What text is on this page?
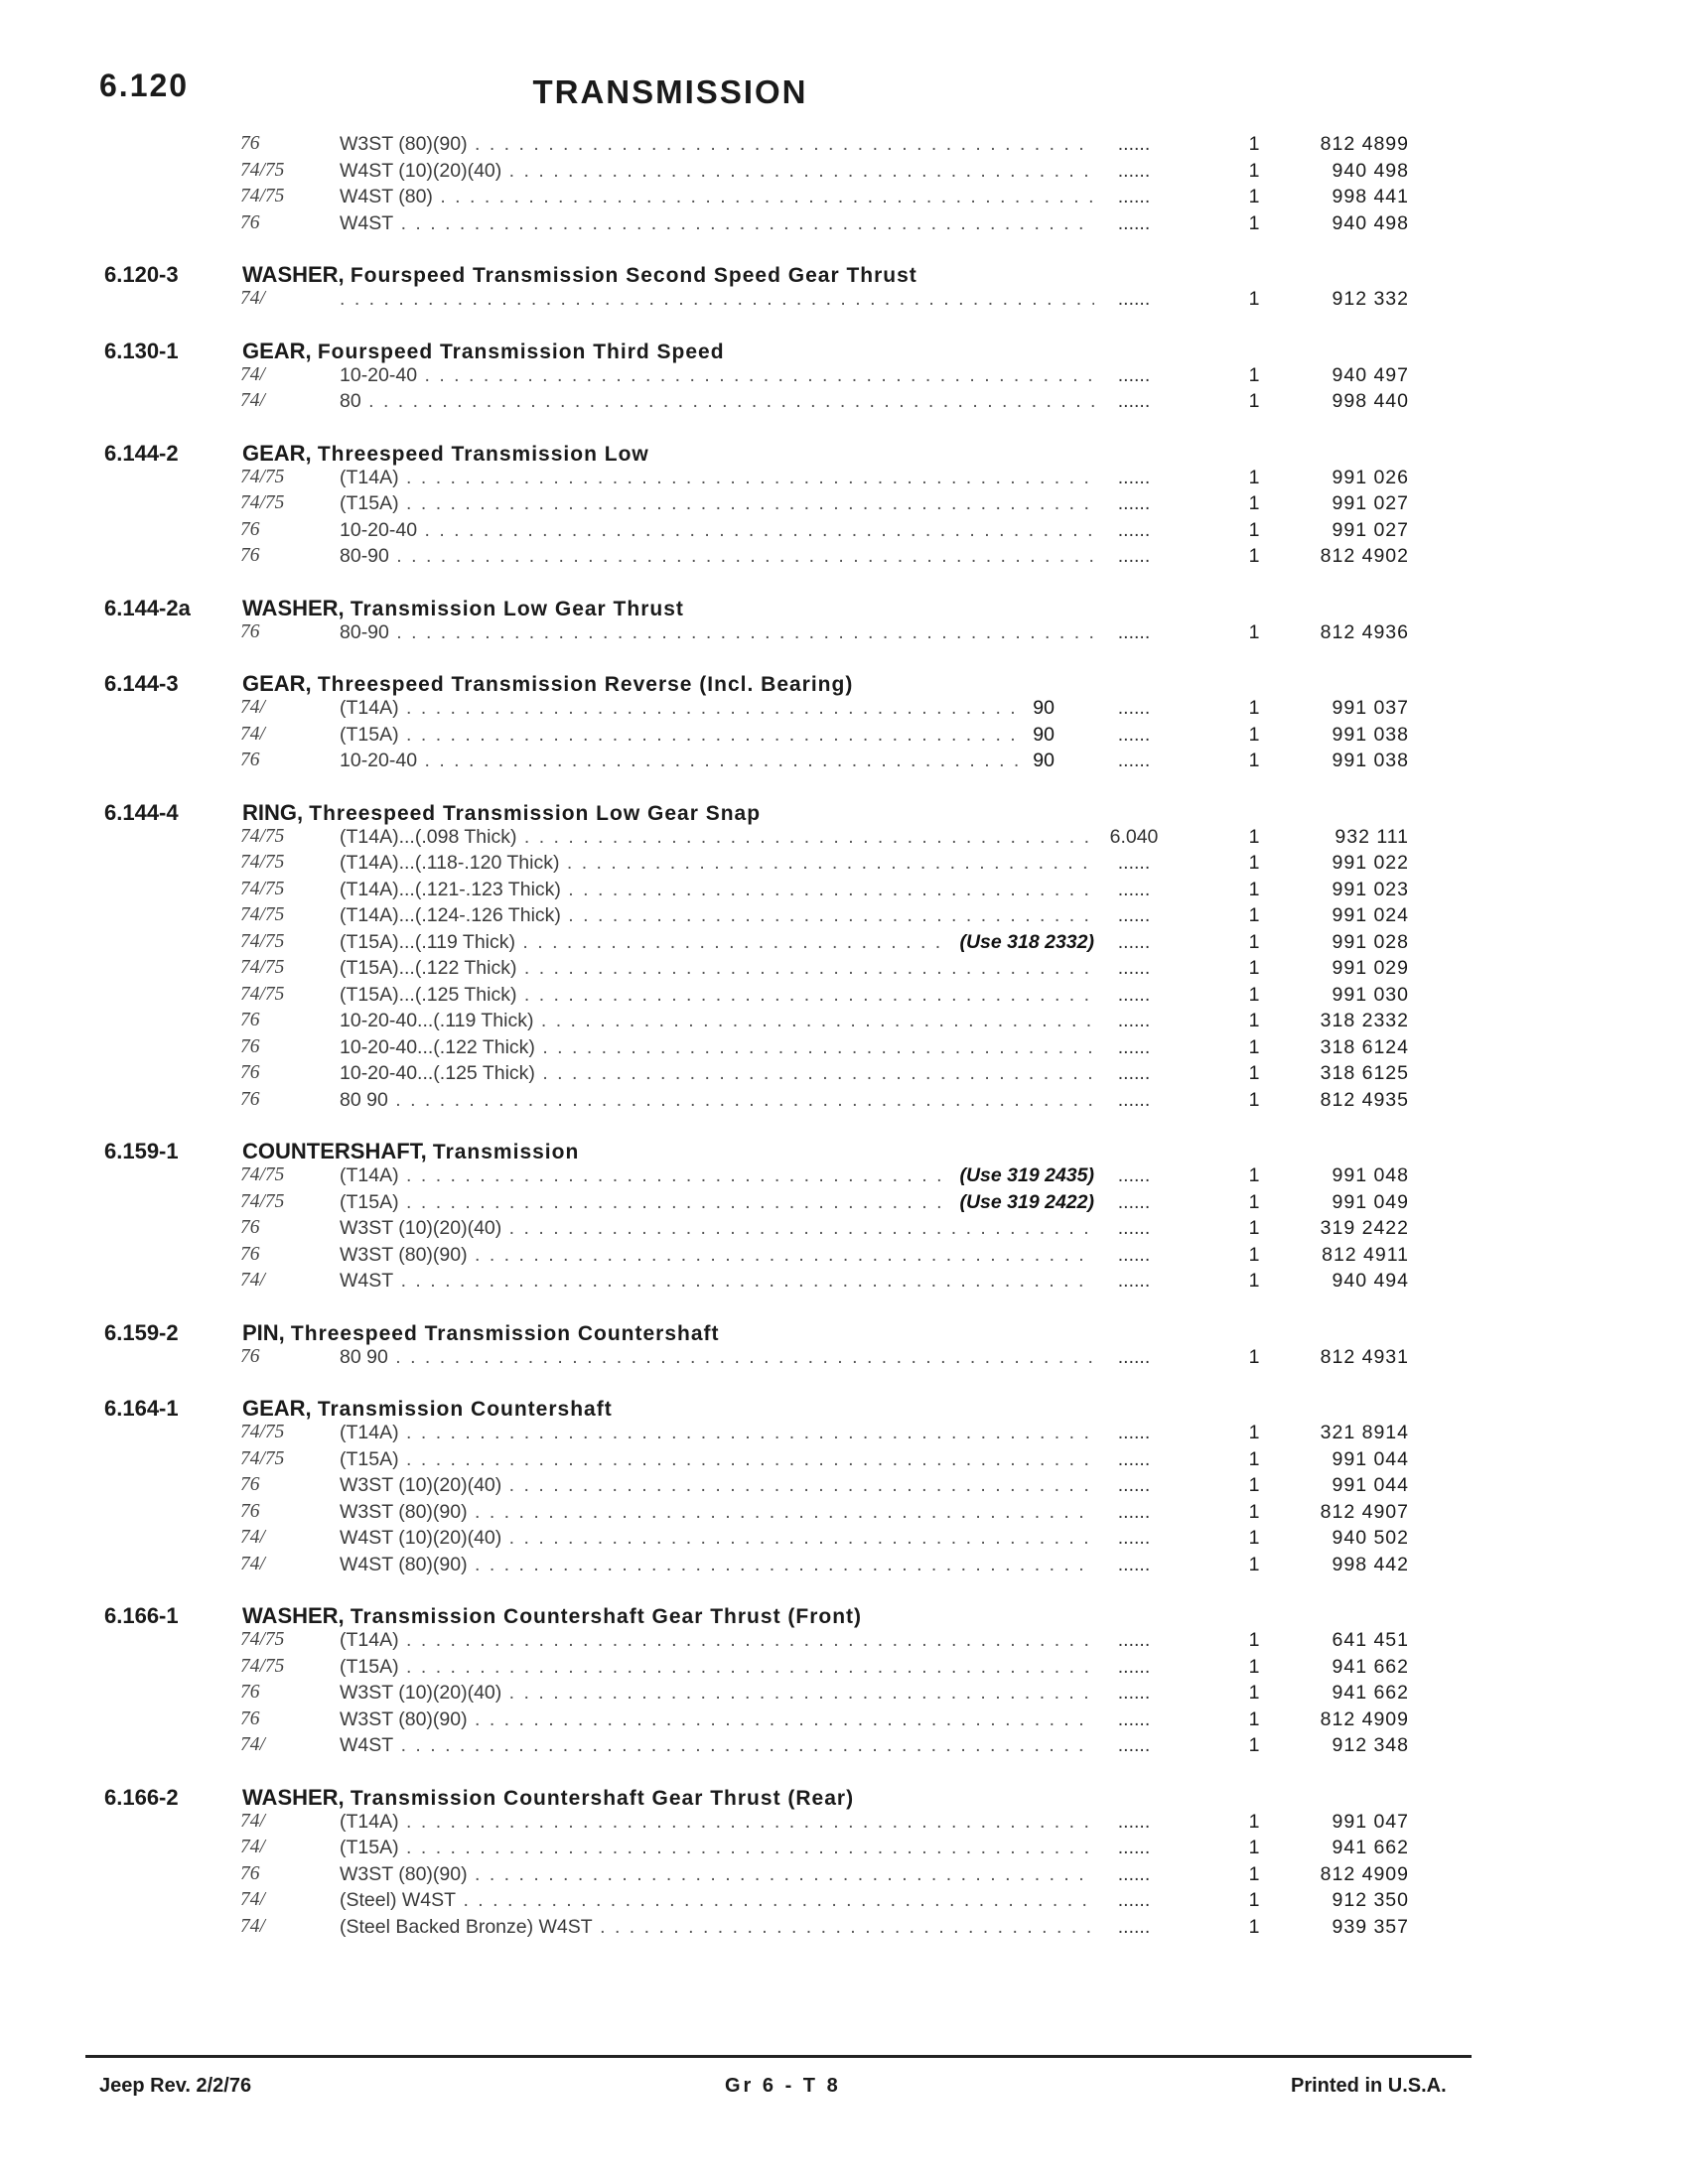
6.120	TRANSMISSION
76	W3ST (80)(90) . . .	......	1	812 4899
74/75	W4ST (10)(20)(40) . . .	......	1	940 498
74/75	W4ST (80) . . .	......	1	998 441
76	W4ST . . .	......	1	940 498
6.120-3	WASHER, Fourspeed Transmission Second Speed Gear Thrust
74/
. . .	......	1	912 332
6.130-1	GEAR, Fourspeed Transmission Third Speed
74/	10-20-40 . . .	......	1	940 497
74/	80 . . .	......	1	998 440
6.144-2	GEAR, Threespeed Transmission Low
74/75	(T14A) . . .	......	1	991 026
74/75	(T15A) . . .	......	1	991 027
76	10-20-40 . . .	......	1	991 027
76	80-90 . . .	......	1	812 4902
6.144-2a WASHER, Transmission Low Gear Thrust
76	80-90 . . .	......	1	812 4936
6.144-3	GEAR, Threespeed Transmission Reverse (Incl. Bearing)
74/	(T14A)	90
. . .	......	1	991 037
74/	(T15A)	90
. . .	......	1	991 038
76	10-20-40	90
. . .	......	1	991 038
6.144-4	RING, Threespeed Transmission Low Gear Snap
74/75	(T14A)...(.098 Thick) . . .	6.040	1	932 111
74/75	(T14A)...(.118-.120 Thick) . . .	......	1	991 022
74/75	(T14A)...(.121-.123 Thick) . . .	......	1	991 023
74/75	(T14A)...(.124-.126 Thick) . . .	......	1	991 024
74/75	(T15A)...(.119 Thick)	(Use 318 2332)
. . .	......	1	991 028
74/75	(T15A)...(.122 Thick) . . .	......	1	991 029
74/75	(T15A)...(.125 Thick) . . .	......	1	991 030
76	10-20-40...(.119 Thick) . . .	......	1	318 2332
76	10-20-40...(.122 Thick) . . .	......	1	318 6124
76	10-20-40...(.125 Thick) . . .	......	1	318 6125
76	80 90 . . .	......	1	812 4935
6.159-1	COUNTERSHAFT, Transmission
74/75	(T14A)	(Use 319 2435)
. . .	......	1	991 048
74/75	(T15A)	(Use 319 2422)
. . .	......	1	991 049
76	W3ST (10)(20)(40) . . .	......	1	319 2422
76	W3ST (80)(90) . . .	......	1	812 4911
74/	W4ST . . .	......	1	940 494
6.159-2	PIN, Threespeed Transmission Countershaft
76	80 90 . . .	......	1	812 4931
6.164-1	GEAR, Transmission Countershaft
74/75	(T14A) . . .	......	1	321 8914
74/75	(T15A) . . .	......	1	991 044
76	W3ST (10)(20)(40) . . .	......	1	991 044
76	W3ST (80)(90) . . .	......	1	812 4907
74/	W4ST (10)(20)(40) . . .	......	1	940 502
74/	W4ST (80)(90) . . .	......	1	998 442
6.166-1	WASHER, Transmission Countershaft Gear Thrust (Front)
74/75	(T14A) . . .	......	1	641 451
74/75	(T15A) . . .	......	1	941 662
76	W3ST (10)(20)(40) . . .	......	1	941 662
76	W3ST (80)(90) . . .	......	1	812 4909
74/	W4ST . . .	......	1	912 348
6.166-2	WASHER, Transmission Countershaft Gear Thrust (Rear)
74/	(T14A) . . .	......	1	991 047
74/	(T15A) . . .	......	1	941 662
76	W3ST (80)(90) . . .	......	1	812 4909
74/	(Steel) W4ST . . .	......	1	912 350
74/	(Steel Backed Bronze) W4ST . . .	......	1	939 357
Jeep Rev. 2/2/76	Gr 6 - T 8	Printed in U.S.A.
